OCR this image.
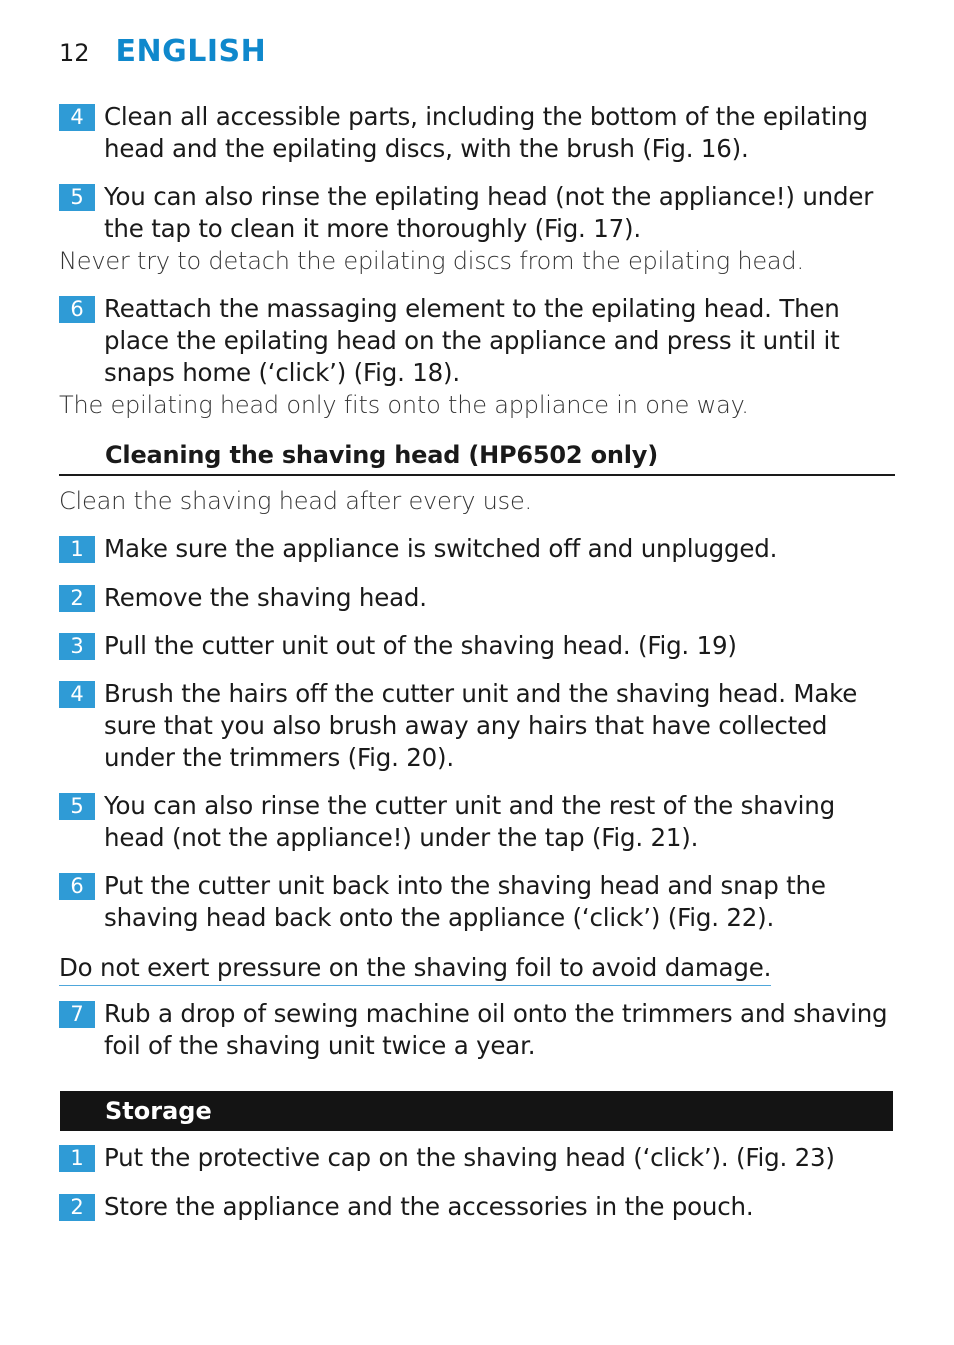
12 ENGLISH
4 Clean all accessible parts, including the bottom of the epilating head and the epilating discs, with the brush (Fig. 16).
5 You can also rinse the epilating head (not the appliance!) under the tap to clean it more thoroughly (Fig. 17).
Never try to detach the epilating discs from the epilating head.
6 Reattach the massaging element to the epilating head. Then place the epilating head on the appliance and press it until it snaps home (‘click’) (Fig. 18).
The epilating head only fits onto the appliance in one way.
Cleaning the shaving head (HP6502 only)
Clean the shaving head after every use.
1 Make sure the appliance is switched off and unplugged.
2 Remove the shaving head.
3 Pull the cutter unit out of the shaving head. (Fig. 19)
4 Brush the hairs off the cutter unit and the shaving head. Make sure that you also brush away any hairs that have collected under the trimmers (Fig. 20).
5 You can also rinse the cutter unit and the rest of the shaving head (not the appliance!) under the tap (Fig. 21).
6 Put the cutter unit back into the shaving head and snap the shaving head back onto the appliance (‘click’) (Fig. 22).
Do not exert pressure on the shaving foil to avoid damage.
7 Rub a drop of sewing machine oil onto the trimmers and shaving foil of the shaving unit twice a year.
Storage
1 Put the protective cap on the shaving head (‘click’). (Fig. 23)
2 Store the appliance and the accessories in the pouch.
